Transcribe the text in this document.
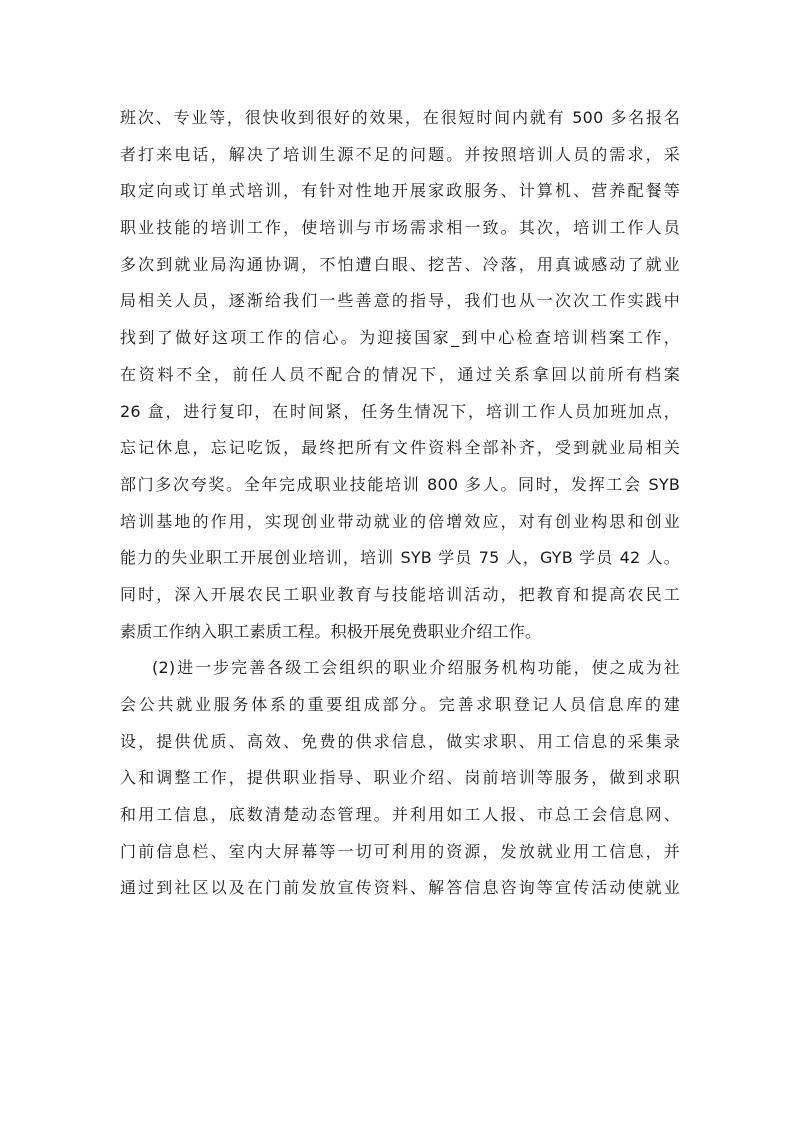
班次、专业等，很快收到很好的效果，在很短时间内就有 500 多名报名
者打来电话，解决了培训生源不足的问题。并按照培训人员的需求，采
取定向或订单式培训，有针对性地开展家政服务、计算机、营养配餐等
职业技能的培训工作，使培训与市场需求相一致。其次，培训工作人员
多次到就业局沟通协调，不怕遭白眼、挖苦、冷落，用真诚感动了就业
局相关人员，逐渐给我们一些善意的指导，我们也从一次次工作实践中
找到了做好这项工作的信心。为迎接国家_到中心检查培训档案工作，
在资料不全，前任人员不配合的情况下，通过关系拿回以前所有档案
26 盒，进行复印，在时间紧，任务生情况下，培训工作人员加班加点，
忘记休息，忘记吃饭，最终把所有文件资料全部补齐，受到就业局相关
部门多次夸奖。全年完成职业技能培训 800 多人。同时，发挥工会 SYB
培训基地的作用，实现创业带动就业的倍增效应，对有创业构思和创业
能力的失业职工开展创业培训，培训 SYB 学员 75 人，GYB 学员 42 人。
同时，深入开展农民工职业教育与技能培训活动，把教育和提高农民工
素质工作纳入职工素质工程。积极开展免费职业介绍工作。
(2)进一步完善各级工会组织的职业介绍服务机构功能，使之成为社
会公共就业服务体系的重要组成部分。完善求职登记人员信息库的建
设，提供优质、高效、免费的供求信息，做实求职、用工信息的采集录
入和调整工作，提供职业指导、职业介绍、岗前培训等服务，做到求职
和用工信息，底数清楚动态管理。并利用如工人报、市总工会信息网、
门前信息栏、室内大屏幕等一切可利用的资源，发放就业用工信息，并
通过到社区以及在门前发放宣传资料、解答信息咨询等宣传活动使就业
